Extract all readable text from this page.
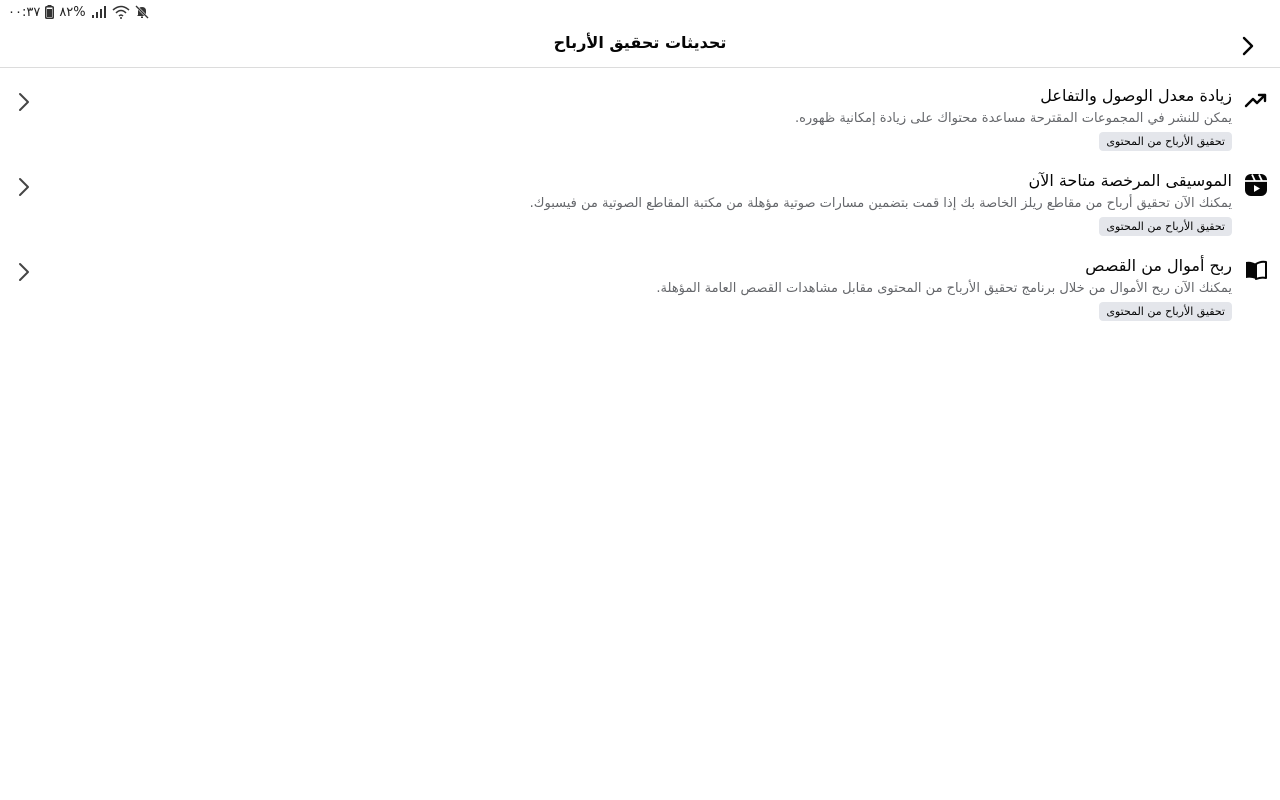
٠٠:٣٧ ٨٢%
تحديثات تحقيق الأرباح
زيادة معدل الوصول والتفاعل
يمكن للنشر في المجموعات المقترحة مساعدة محتواك على زيادة إمكانية ظهوره.
تحقيق الأرباح من المحتوى
الموسيقى المرخصة متاحة الآن
يمكنك الآن تحقيق أرباح من مقاطع ريلز الخاصة بك إذا قمت بتضمين مسارات صوتية مؤهلة من مكتبة المقاطع الصوتية من فيسبوك.
تحقيق الأرباح من المحتوى
ربح أموال من القصص
يمكنك الآن ربح الأموال من خلال برنامج تحقيق الأرباح من المحتوى مقابل مشاهدات القصص العامة المؤهلة.
تحقيق الأرباح من المحتوى
